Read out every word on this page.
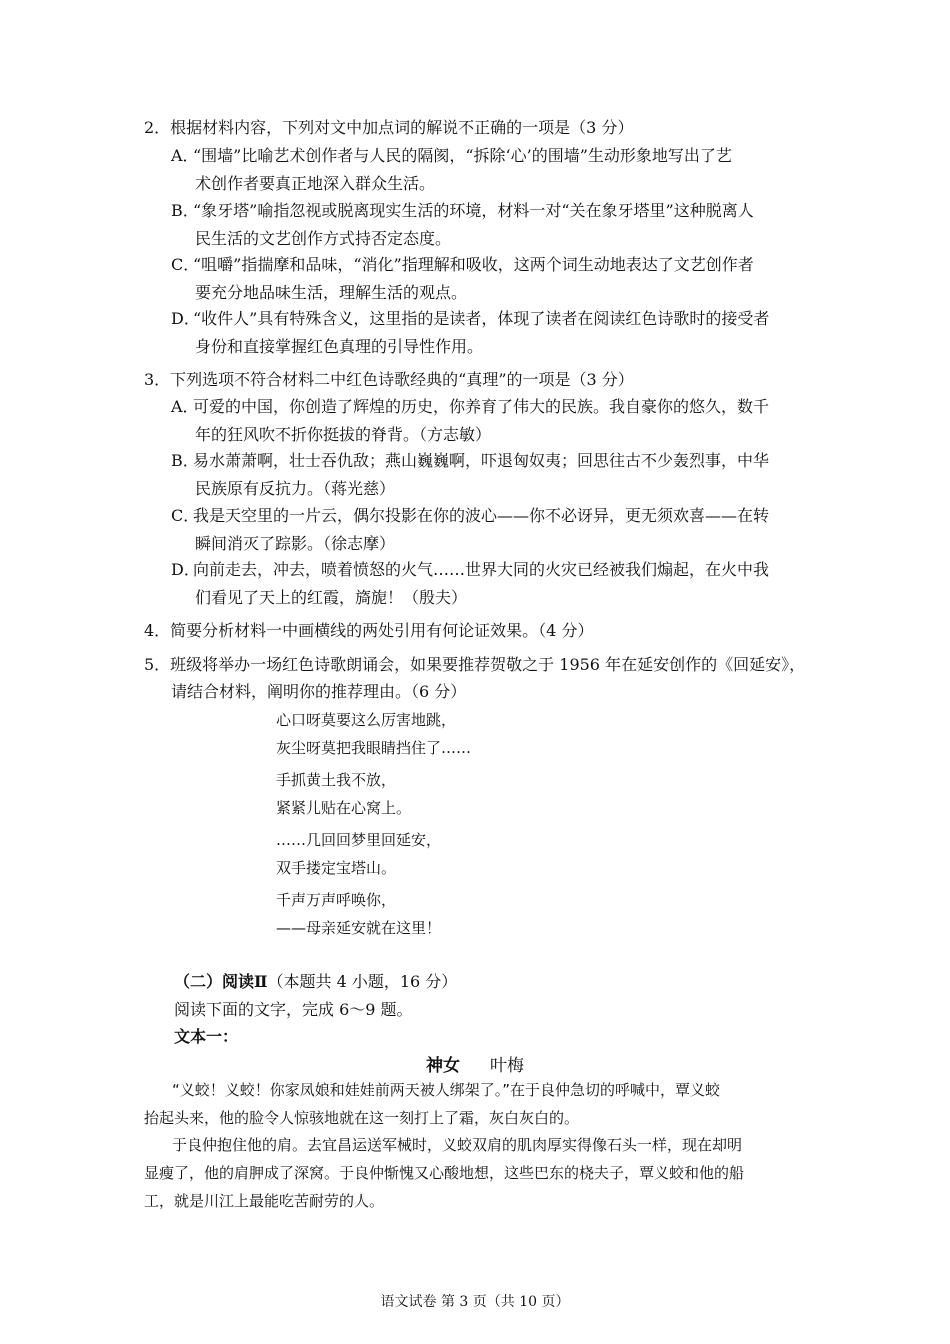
2．根据材料内容，下列对文中加点词的解说不正确的一项是（3 分）
A．“围墙”比喻艺术创作者与人民的隔阂，“拆除‘心’的围墙”生动形象地写出了艺
术创作者要真正地深入群众生活。
B．“象牙塔”喻指忽视或脱离现实生活的环境，材料一对“关在象牙塔里”这种脱离人
民生活的文艺创作方式持否定态度。
C．“咀嚼”指揣摩和品味，“消化”指理解和吸收，这两个词生动地表达了文艺创作者
要充分地品味生活，理解生活的观点。
D．“收件人”具有特殊含义，这里指的是读者，体现了读者在阅读红色诗歌时的接受者
身份和直接掌握红色真理的引导性作用。
3．下列选项不符合材料二中红色诗歌经典的“真理”的一项是（3 分）
A．可爱的中国，你创造了辉煌的历史，你养育了伟大的民族。我自豪你的悠久，数千
年的狂风吹不折你挺拔的脊背。（方志敏）
B．易水萧萧啊，壮士吞仇敌；燕山巍巍啊，吓退匈奴夷；回思往古不少轰烈事，中华
民族原有反抗力。（蒋光慈）
C．我是天空里的一片云，偶尔投影在你的波心——你不必讶异，更无须欢喜——在转
瞬间消灭了踪影。（徐志摩）
D．向前走去，冲去，喷着愤怒的火气……世界大同的火灾已经被我们煽起，在火中我
们看见了天上的红霞，旖旎！（殷夫）
4．简要分析材料一中画横线的两处引用有何论证效果。（4 分）
5．班级将举办一场红色诗歌朗诵会，如果要推荐贺敬之于 1956 年在延安创作的《回延安》，
请结合材料，阐明你的推荐理由。（6 分）
心口呀莫要这么厉害地跳，
灰尘呀莫把我眼睛挡住了……
手抓黄土我不放，
紧紧儿贴在心窝上。
……几回回梦里回延安，
双手搂定宝塔山。
千声万声呼唤你，
——母亲延安就在这里！
（二）阅读Ⅱ（本题共 4 小题，16 分）
阅读下面的文字，完成 6～9 题。
文本一：
神女 叶梅
“义蛟！义蛟！你家凤娘和娃娃前两天被人绑架了。”在于良仲急切的呼喊中，覃义蛟
抬起头来，他的脸令人惊骇地就在这一刻打上了霜，灰白灰白的。
于良仲抱住他的肩。去宜昌运送军械时，义蛟双肩的肌肉厚实得像石头一样，现在却明
显瘦了，他的肩胛成了深窝。于良仲惭愧又心酸地想，这些巴东的桡夫子，覃义蛟和他的船
工，就是川江上最能吃苦耐劳的人。
语文试卷 第 3 页（共 10 页）
